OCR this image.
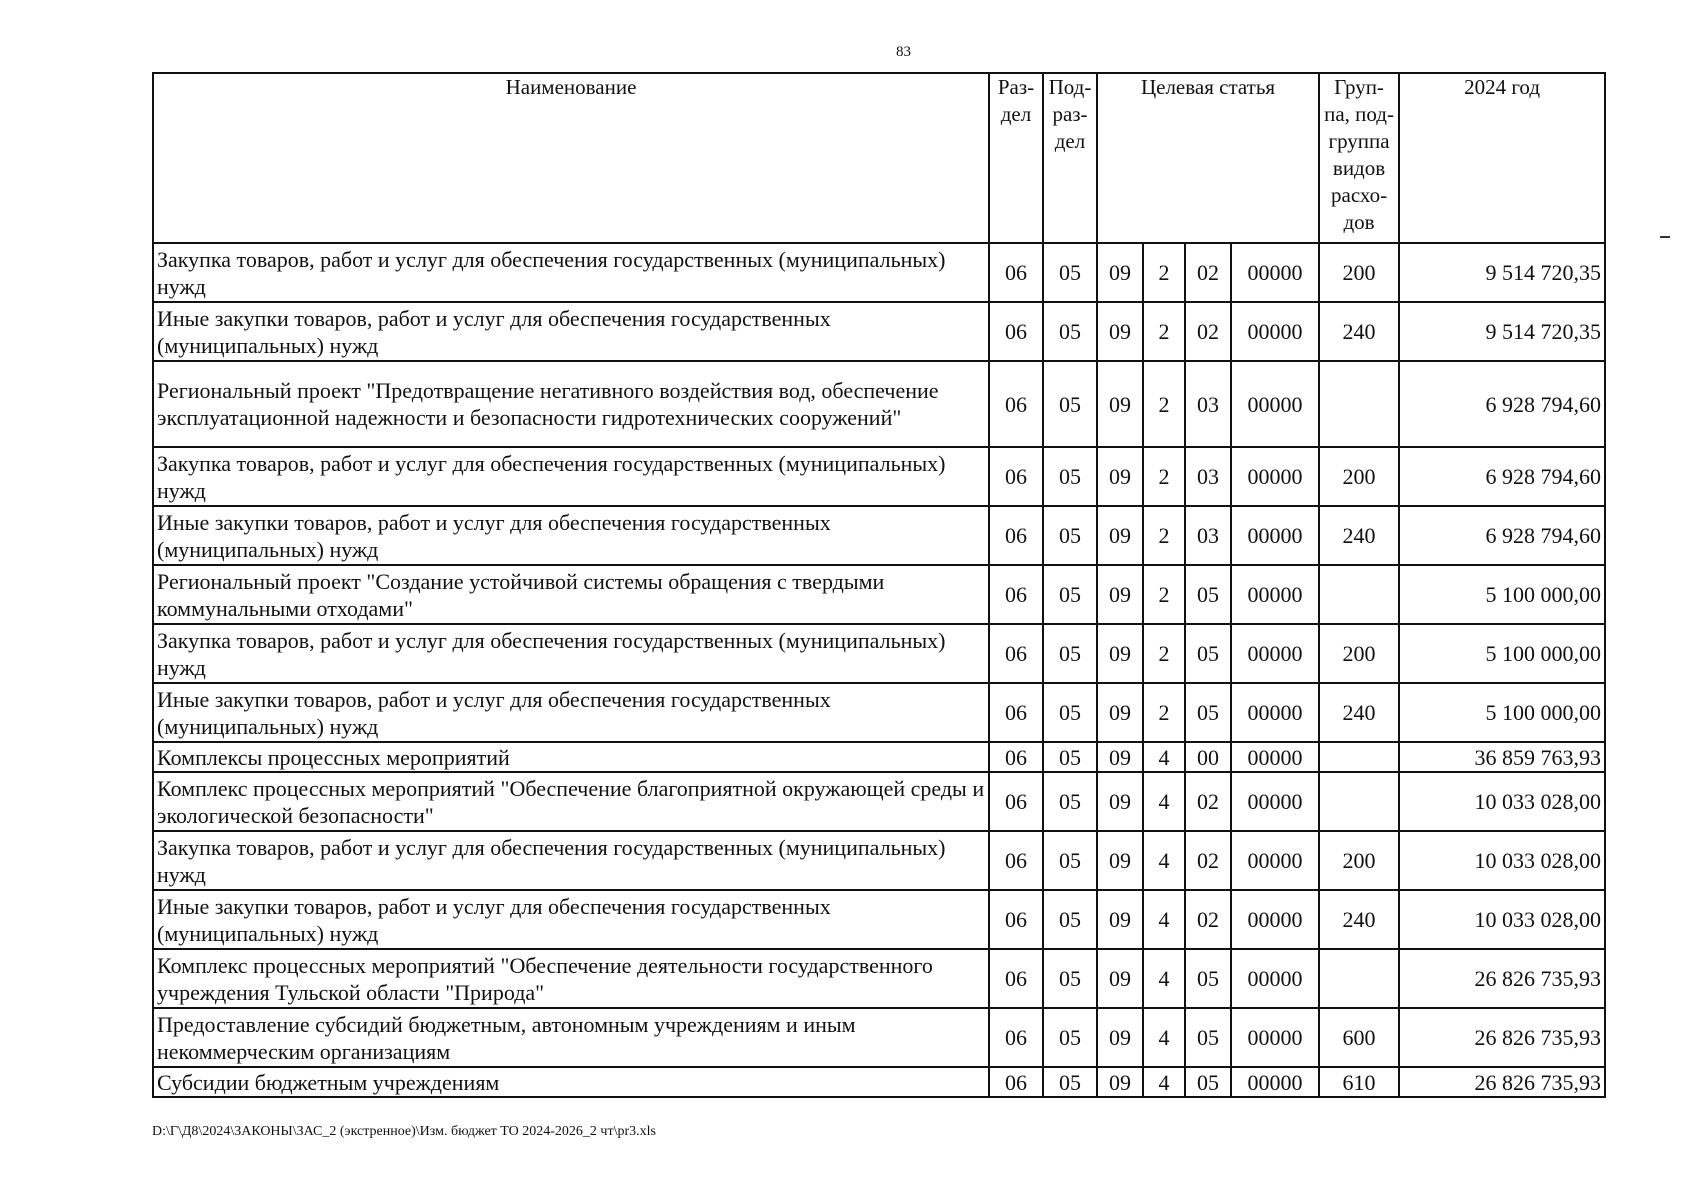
83
Наименование	Раз-дел	Под-раз-дел	Целевая статья				Груп-па, под-группа видов расхо-дов	2024 год
Закупка товаров, работ и услуг для обеспечения государственных (муниципальных) нужд	06	05	09	2	02	00000	200	9 514 720,35
Иные закупки товаров, работ и услуг для обеспечения государственных (муниципальных) нужд	06	05	09	2	02	00000	240	9 514 720,35
Региональный проект "Предотвращение негативного воздействия вод, обеспечение эксплуатационной надежности и безопасности гидротехнических сооружений"	06	05	09	2	03	00000		6 928 794,60
Закупка товаров, работ и услуг для обеспечения государственных (муниципальных) нужд	06	05	09	2	03	00000	200	6 928 794,60
Иные закупки товаров, работ и услуг для обеспечения государственных (муниципальных) нужд	06	05	09	2	03	00000	240	6 928 794,60
Региональный проект "Создание устойчивой системы обращения с твердыми коммунальными отходами"	06	05	09	2	05	00000		5 100 000,00
Закупка товаров, работ и услуг для обеспечения государственных (муниципальных) нужд	06	05	09	2	05	00000	200	5 100 000,00
Иные закупки товаров, работ и услуг для обеспечения государственных (муниципальных) нужд	06	05	09	2	05	00000	240	5 100 000,00
Комплексы процессных мероприятий	06	05	09	4	00	00000		36 859 763,93
Комплекс процессных мероприятий "Обеспечение благоприятной окружающей среды и экологической безопасности"	06	05	09	4	02	00000		10 033 028,00
Закупка товаров, работ и услуг для обеспечения государственных (муниципальных) нужд	06	05	09	4	02	00000	200	10 033 028,00
Иные закупки товаров, работ и услуг для обеспечения государственных (муниципальных) нужд	06	05	09	4	02	00000	240	10 033 028,00
Комплекс процессных мероприятий "Обеспечение деятельности государственного учреждения Тульской области "Природа"	06	05	09	4	05	00000		26 826 735,93
Предоставление субсидий бюджетным, автономным учреждениям и иным некоммерческим организациям	06	05	09	4	05	00000	600	26 826 735,93
Субсидии бюджетным учреждениям	06	05	09	4	05	00000	610	26 826 735,93
D:\Г\Д8\2024\ЗАКОНЫ\ЗАС_2 (экстренное)\Изм. бюджет ТО 2024-2026_2 чт\pr3.xls
